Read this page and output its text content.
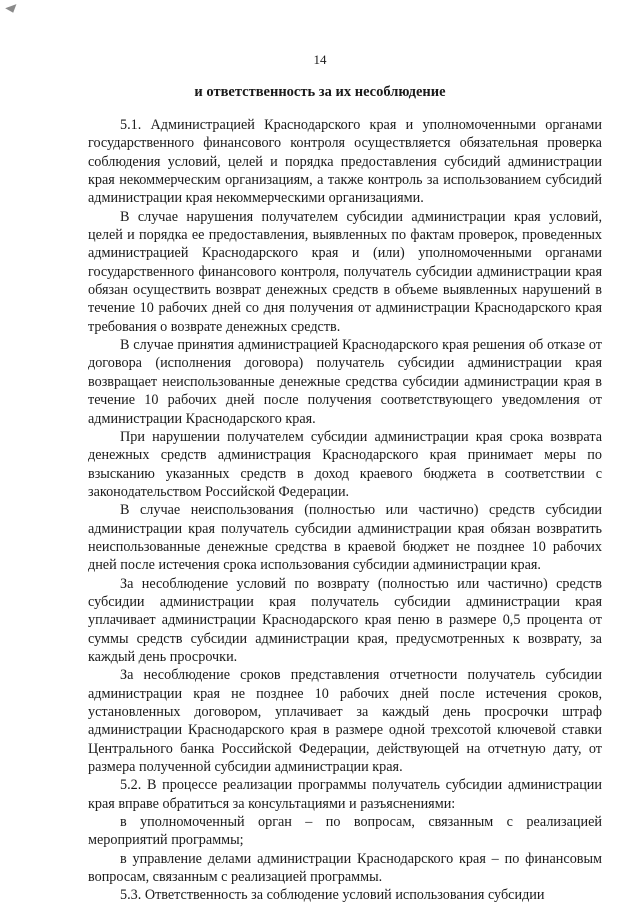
14
и ответственность за их несоблюдение

5.1. Администрацией Краснодарского края и уполномоченными органами государственного финансового контроля осуществляется обязательная проверка соблюдения условий, целей и порядка предоставления субсидий администрации края некоммерческим организациям, а также контроль за использованием субсидий администрации края некоммерческими организациями.

В случае нарушения получателем субсидии администрации края условий, целей и порядка ее предоставления, выявленных по фактам проверок, проведенных администрацией Краснодарского края и (или) уполномоченными органами государственного финансового контроля, получатель субсидии администрации края обязан осуществить возврат денежных средств в объеме выявленных нарушений в течение 10 рабочих дней со дня получения от администрации Краснодарского края требования о возврате денежных средств.

В случае принятия администрацией Краснодарского края решения об отказе от договора (исполнения договора) получатель субсидии администрации края возвращает неиспользованные денежные средства субсидии администрации края в течение 10 рабочих дней после получения соответствующего уведомления от администрации Краснодарского края.

При нарушении получателем субсидии администрации края срока возврата денежных средств администрация Краснодарского края принимает меры по взысканию указанных средств в доход краевого бюджета в соответствии с законодательством Российской Федерации.

В случае неиспользования (полностью или частично) средств субсидии администрации края получатель субсидии администрации края обязан возвратить неиспользованные денежные средства в краевой бюджет не позднее 10 рабочих дней после истечения срока использования субсидии администрации края.

За несоблюдение условий по возврату (полностью или частично) средств субсидии администрации края получатель субсидии администрации края уплачивает администрации Краснодарского края пеню в размере 0,5 процента от суммы средств субсидии администрации края, предусмотренных к возврату, за каждый день просрочки.

За несоблюдение сроков представления отчетности получатель субсидии администрации края не позднее 10 рабочих дней после истечения сроков, установленных договором, уплачивает за каждый день просрочки штраф администрации Краснодарского края в размере одной трехсотой ключевой ставки Центрального банка Российской Федерации, действующей на отчетную дату, от размера полученной субсидии администрации края.

5.2. В процессе реализации программы получатель субсидии администрации края вправе обратиться за консультациями и разъяснениями:

в уполномоченный орган – по вопросам, связанным с реализацией мероприятий программы;

в управление делами администрации Краснодарского края – по финансовым вопросам, связанным с реализацией программы.

5.3. Ответственность за соблюдение условий использования субсидии
